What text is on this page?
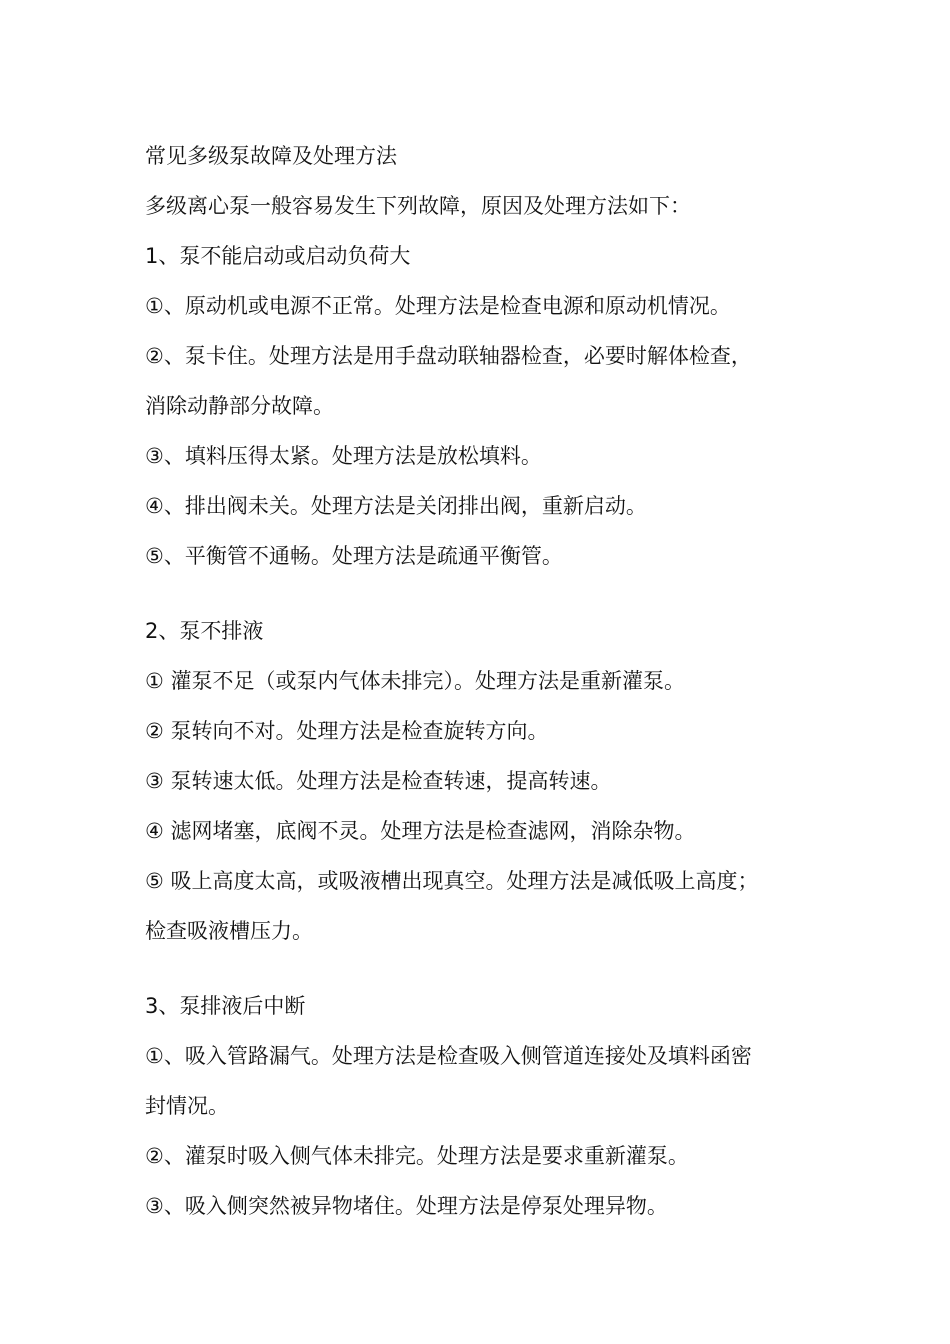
常见多级泵故障及处理方法

多级离心泵一般容易发生下列故障，原因及处理方法如下：

1、泵不能启动或启动负荷大

①、原动机或电源不正常。处理方法是检查电源和原动机情况。

②、泵卡住。处理方法是用手盘动联轴器检查，必要时解体检查，

消除动静部分故障。

③、填料压得太紧。处理方法是放松填料。

④、排出阀未关。处理方法是关闭排出阀，重新启动。

⑤、平衡管不通畅。处理方法是疏通平衡管。

2、泵不排液

① 灌泵不足（或泵内气体未排完）。处理方法是重新灌泵。

② 泵转向不对。处理方法是检查旋转方向。

③ 泵转速太低。处理方法是检查转速，提高转速。

④ 滤网堵塞，底阀不灵。处理方法是检查滤网，消除杂物。

⑤ 吸上高度太高，或吸液槽出现真空。处理方法是减低吸上高度；

检查吸液槽压力。

3、泵排液后中断

①、吸入管路漏气。处理方法是检查吸入侧管道连接处及填料函密

封情况。

②、灌泵时吸入侧气体未排完。处理方法是要求重新灌泵。

③、吸入侧突然被异物堵住。处理方法是停泵处理异物。
